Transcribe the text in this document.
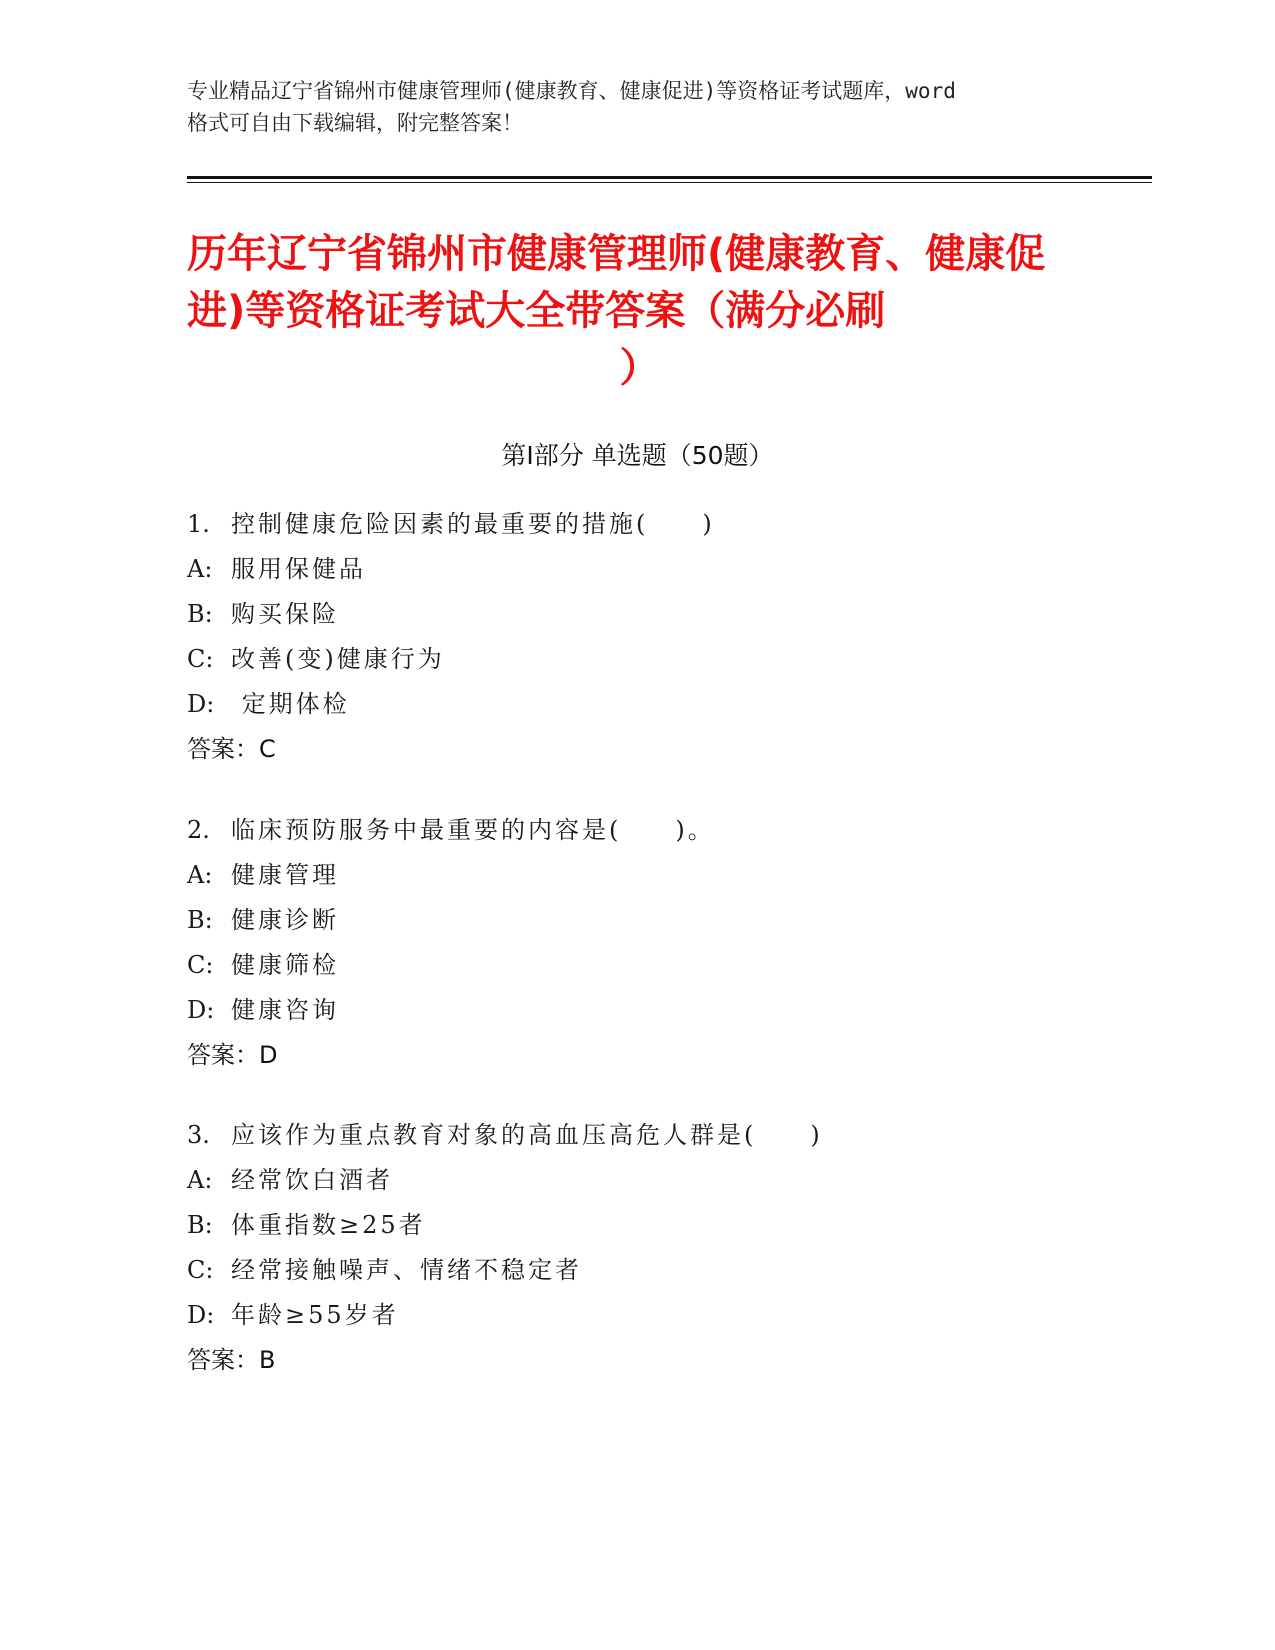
专业精品辽宁省锦州市健康管理师(健康教育、健康促进)等资格证考试题库，word
格式可自由下载编辑，附完整答案！
历年辽宁省锦州市健康管理师(健康教育、健康促进)等资格证考试大全带答案（满分必刷
）
第Ⅰ部分 单选题（50题）
1. 控制健康危险因素的最重要的措施(　　)
A: 服用保健品
B: 购买保险
C: 改善(变)健康行为
D: 定期体检
答案：C
2. 临床预防服务中最重要的内容是(　　)。
A: 健康管理
B: 健康诊断
C: 健康筛检
D: 健康咨询
答案：D
3. 应该作为重点教育对象的高血压高危人群是(　　)
A: 经常饮白酒者
B: 体重指数≥25者
C: 经常接触噪声、情绪不稳定者
D: 年龄≥55岁者
答案：B
